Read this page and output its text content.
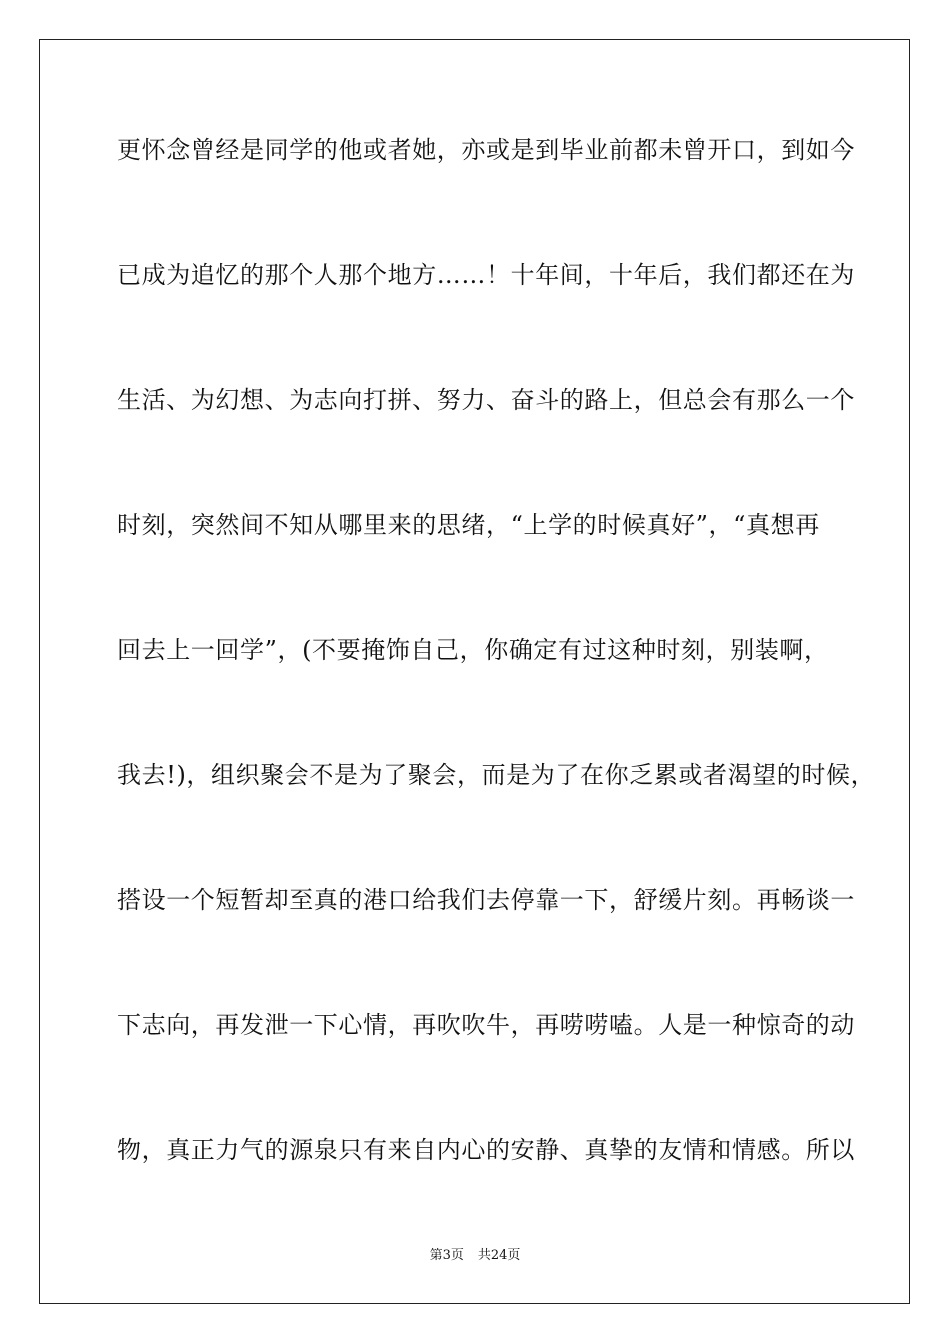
更怀念曾经是同学的他或者她，亦或是到毕业前都未曾开口，到如今
已成为追忆的那个人那个地方……！十年间，十年后，我们都还在为
生活、为幻想、为志向打拼、努力、奋斗的路上，但总会有那么一个
时刻，突然间不知从哪里来的思绪，“上学的时候真好”，“真想再
回去上一回学”，(不要掩饰自己，你确定有过这种时刻，别装啊，
我去!)，组织聚会不是为了聚会，而是为了在你乏累或者渴望的时候，
搭设一个短暂却至真的港口给我们去停靠一下，舒缓片刻。再畅谈一
下志向，再发泄一下心情，再吹吹牛，再唠唠嗑。人是一种惊奇的动
物，真正力气的源泉只有来自内心的安静、真挚的友情和情感。所以
第3页 共24页
